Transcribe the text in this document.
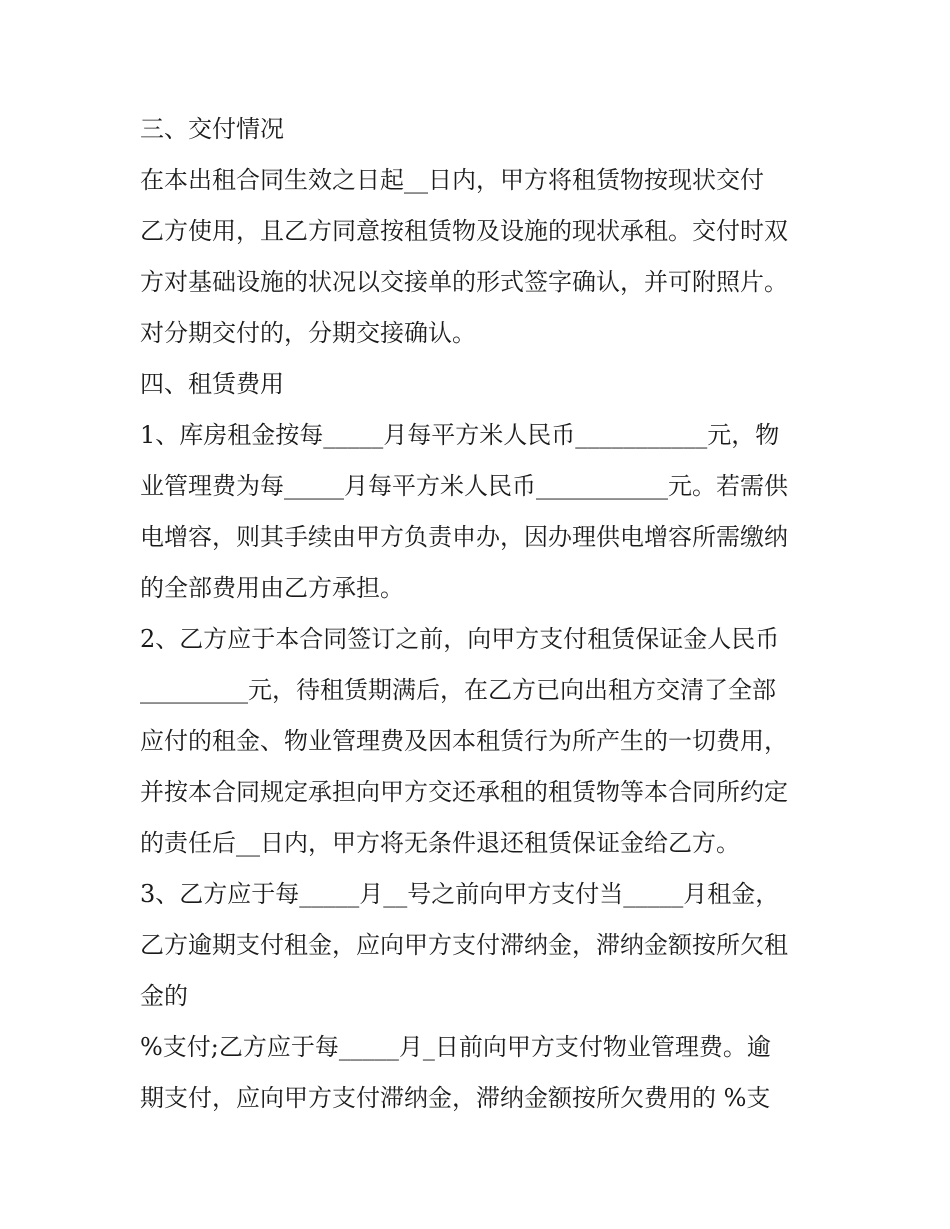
三、交付情况
在本出租合同生效之日起__日内，甲方将租赁物按现状交付
乙方使用，且乙方同意按租赁物及设施的现状承租。交付时双
方对基础设施的状况以交接单的形式签字确认，并可附照片。
对分期交付的，分期交接确认。
四、租赁费用
1、库房租金按每_____月每平方米人民币___________元，物
业管理费为每_____月每平方米人民币___________元。若需供
电增容，则其手续由甲方负责申办，因办理供电增容所需缴纳
的全部费用由乙方承担。
2、乙方应于本合同签订之前，向甲方支付租赁保证金人民币
_________元，待租赁期满后，在乙方已向出租方交清了全部
应付的租金、物业管理费及因本租赁行为所产生的一切费用，
并按本合同规定承担向甲方交还承租的租赁物等本合同所约定
的责任后__日内，甲方将无条件退还租赁保证金给乙方。
3、乙方应于每_____月__号之前向甲方支付当_____月租金，
乙方逾期支付租金，应向甲方支付滞纳金，滞纳金额按所欠租
金的
%支付;乙方应于每_____月_日前向甲方支付物业管理费。逾
期支付，应向甲方支付滞纳金，滞纳金额按所欠费用的 %支
